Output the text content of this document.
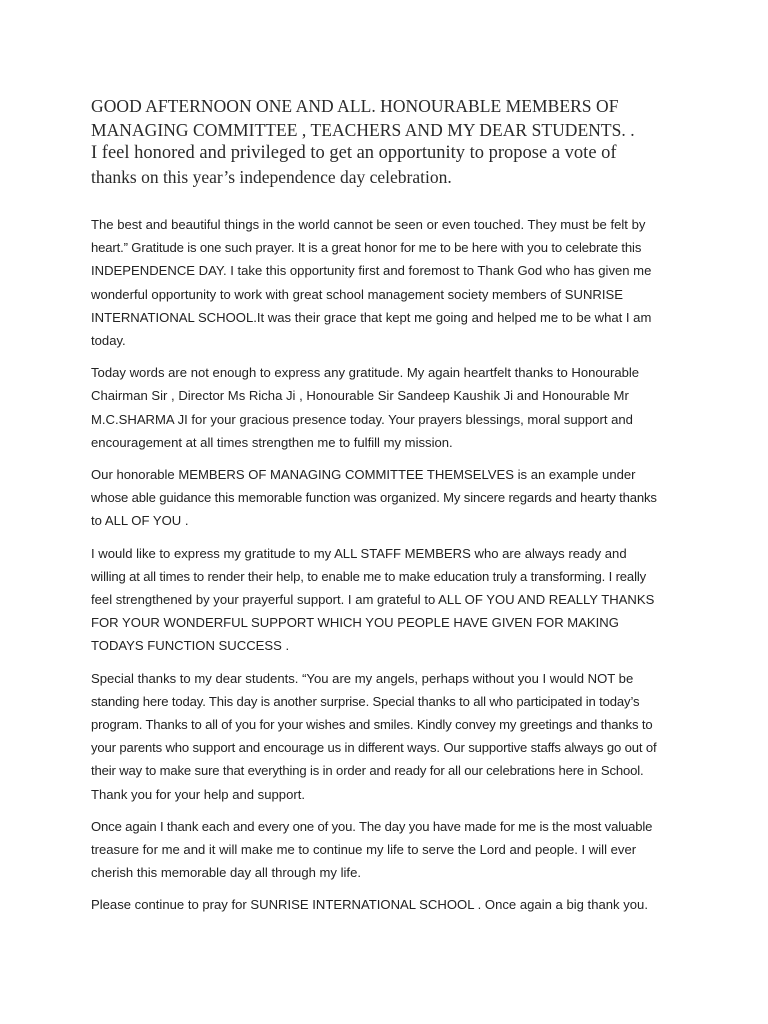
GOOD AFTERNOON ONE AND ALL. HONOURABLE MEMBERS OF
MANAGING COMMITTEE , TEACHERS AND MY DEAR STUDENTS. .
I feel honored and privileged to get an opportunity to propose a vote of
thanks on this year’s independence day celebration.
The best and beautiful things in the world cannot be seen or even touched. They must be felt by
heart.” Gratitude is one such prayer. It is a great honor for me to be here with you to celebrate this
INDEPENDENCE DAY. I take this opportunity first and foremost to Thank God who has given me
wonderful opportunity to work with great school management society members of SUNRISE
INTERNATIONAL SCHOOL.It was their grace that kept me going and helped me to be what I am
today.
Today words are not enough to express any gratitude. My again heartfelt thanks to Honourable
Chairman Sir , Director Ms Richa Ji , Honourable Sir Sandeep Kaushik Ji and Honourable Mr
M.C.SHARMA JI for your gracious presence today. Your prayers blessings, moral support and
encouragement at all times strengthen me to fulfill my mission.
Our honorable MEMBERS OF MANAGING COMMITTEE THEMSELVES is an example under
whose able guidance this memorable function was organized. My sincere regards and hearty thanks
to ALL OF YOU .
I would like to express my gratitude to my ALL STAFF MEMBERS who are always ready and
willing at all times to render their help, to enable me to make education truly a transforming. I really
feel strengthened by your prayerful support. I am grateful to ALL OF YOU AND REALLY THANKS
FOR YOUR WONDERFUL SUPPORT WHICH YOU PEOPLE HAVE GIVEN FOR MAKING
TODAYS FUNCTION SUCCESS .
Special thanks to my dear students. “You are my angels, perhaps without you I would NOT be
standing here today. This day is another surprise. Special thanks to all who participated in today’s
program. Thanks to all of you for your wishes and smiles. Kindly convey my greetings and thanks to
your parents who support and encourage us in different ways. Our supportive staffs always go out of
their way to make sure that everything is in order and ready for all our celebrations here in School.
Thank you for your help and support.
Once again I thank each and every one of you. The day you have made for me is the most valuable
treasure for me and it will make me to continue my life to serve the Lord and people. I will ever
cherish this memorable day all through my life.
Please continue to pray for SUNRISE INTERNATIONAL SCHOOL . Once again a big thank you.
